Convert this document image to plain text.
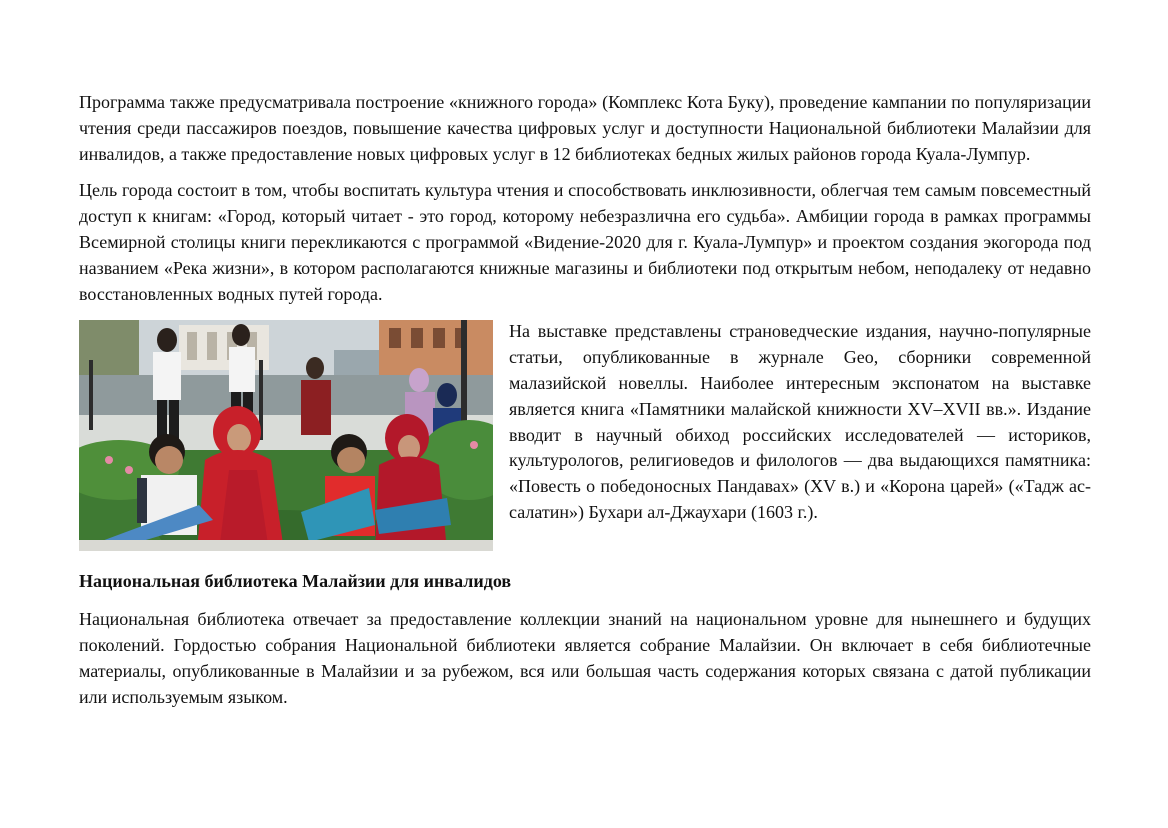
Программа также предусматривала построение «книжного города» (Комплекс Кота Буку), проведение кампании по популяризации чтения среди пассажиров поездов, повышение качества цифровых услуг и доступности Национальной библиотеки Малайзии для инвалидов, а также предоставление новых цифровых услуг в 12 библиотеках бедных жилых районов города Куала-Лумпур.

Цель города состоит в том, чтобы воспитать культура чтения и способствовать инклюзивности, облегчая тем самым повсеместный доступ к книгам: «Город, который читает - это город, которому небезразлична его судьба». Амбиции города в рамках программы Всемирной столицы книги перекликаются с программой «Видение-2020 для г. Куала-Лумпур» и проектом создания экогорода под названием «Река жизни», в котором располагаются книжные магазины и библиотеки под открытым небом, неподалеку от недавно восстановленных водных путей города.

На выставке представлены страноведческие издания, научно-популярные статьи, опубликованные в журнале Geo, сборники современной малазийской новеллы. Наиболее интересным экспонатом на выставке является книга «Памятники малайской книжности XV–XVII вв.». Издание вводит в научный обиход российских исследователей — историков, культурологов, религиоведов и филологов — два выдающихся памятника: «Повесть о победоносных Пандавах» (XV в.) и «Корона царей» («Тадж ас-салатин») Бухари ал-Джаухари (1603 г.).

Национальная библиотека Малайзии для инвалидов

Национальная библиотека отвечает за предоставление коллекции знаний на национальном уровне для нынешнего и будущих поколений. Гордостью собрания Национальной библиотеки является собрание Малайзии. Он включает в себя библиотечные материалы, опубликованные в Малайзии и за рубежом, вся или большая часть содержания которых связана с датой публикации или используемым языком.
